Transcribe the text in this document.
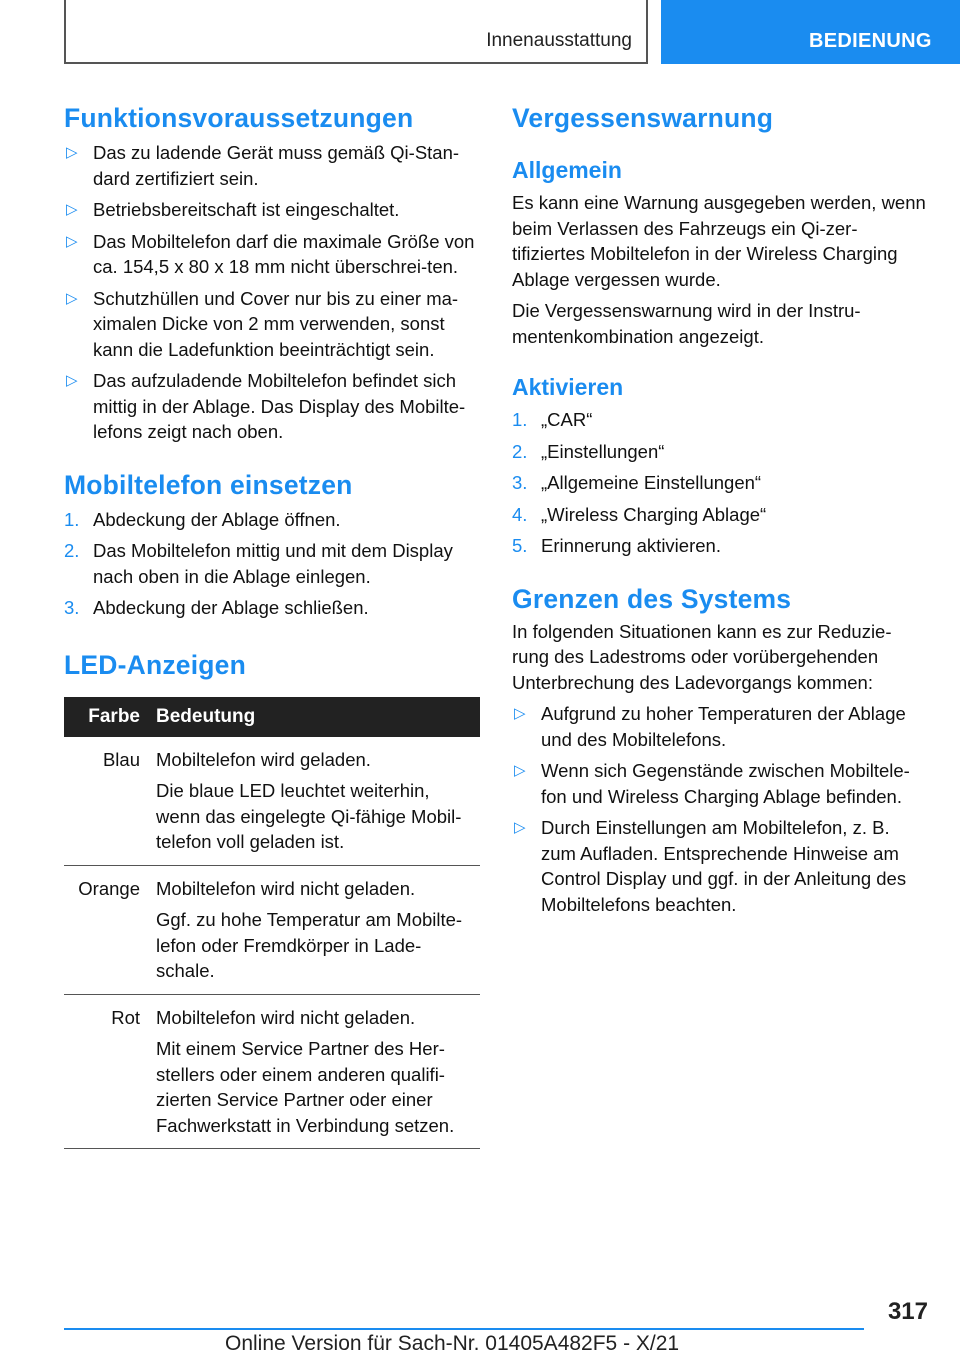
Innenausstattung	BEDIENUNG
Funktionsvoraussetzungen
▷ Das zu ladende Gerät muss gemäß Qi-Stan-dard zertifiziert sein.
▷ Betriebsbereitschaft ist eingeschaltet.
▷ Das Mobiltelefon darf die maximale Größe von ca. 154,5 x 80 x 18 mm nicht überschrei-ten.
▷ Schutzhüllen und Cover nur bis zu einer ma-ximalen Dicke von 2 mm verwenden, sonst kann die Ladefunktion beeinträchtigt sein.
▷ Das aufzuladende Mobiltelefon befindet sich mittig in der Ablage. Das Display des Mobilte-lefons zeigt nach oben.
Mobiltelefon einsetzen
1. Abdeckung der Ablage öffnen.
2. Das Mobiltelefon mittig und mit dem Display nach oben in die Ablage einlegen.
3. Abdeckung der Ablage schließen.
LED-Anzeigen
Farbe	Bedeutung
Blau	Mobiltelefon wird geladen.

Die blaue LED leuchtet weiterhin, wenn das eingelegte Qi-fähige Mobil-telefon voll geladen ist.

Orange	Mobiltelefon wird nicht geladen.

Ggf. zu hohe Temperatur am Mobilte-lefon oder Fremdkörper in Lade-schale.

Rot	Mobiltelefon wird nicht geladen.

Mit einem Service Partner des Her-stellers oder einem anderen qualifi-zierten Service Partner oder einer Fachwerkstatt in Verbindung setzen.

Vergessenswarnung
Allgemein

Es kann eine Warnung ausgegeben werden, wenn beim Verlassen des Fahrzeugs ein Qi-zer-tifiziertes Mobiltelefon in der Wireless Charging Ablage vergessen wurde.

Die Vergessenswarnung wird in der Instru-mentenkombination angezeigt.

Aktivieren
1. „CAR“
2. „Einstellungen“
3. „Allgemeine Einstellungen“
4. „Wireless Charging Ablage“
5. Erinnerung aktivieren.
Grenzen des Systems

In folgenden Situationen kann es zur Reduzie-rung des Ladestroms oder vorübergehenden Unterbrechung des Ladevorgangs kommen:

▷ Aufgrund zu hoher Temperaturen der Ablage und des Mobiltelefons.
▷ Wenn sich Gegenstände zwischen Mobiltele-fon und Wireless Charging Ablage befinden.
▷ Durch Einstellungen am Mobiltelefon, z. B. zum Aufladen. Entsprechende Hinweise am Control Display und ggf. in der Anleitung des Mobiltelefons beachten.
317
Online Version für Sach-Nr. 01405A482F5 - X/21
